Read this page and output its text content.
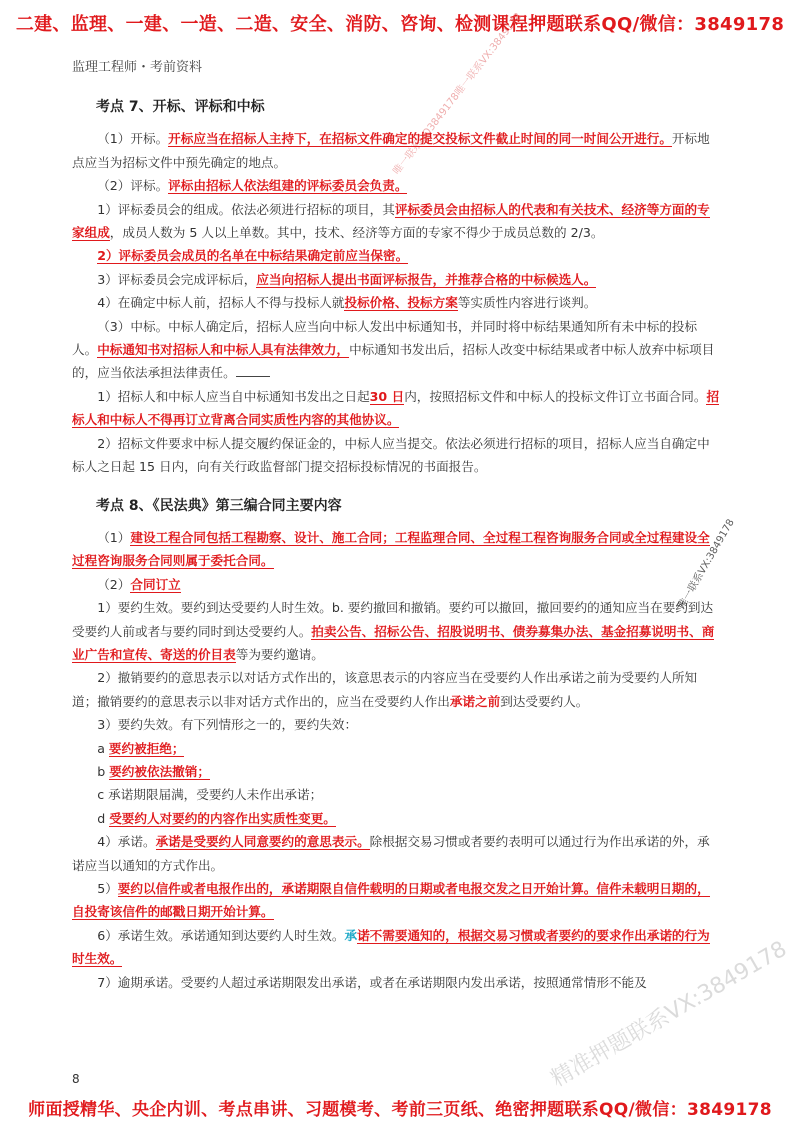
二建、监理、一建、一造、二造、安全、消防、咨询、检测课程押题联系QQ/微信：3849178
监理工程师・考前资料	唯一联系QQ3849178唯一联系VX:3849178
唯一联系VX:3849178

考点 7、开标、评标和中标

（1）开标。开标应当在招标人主持下，在招标文件确定的提交投标文件截止时间的同一时间公开进行。开标地点应当为招标文件中预先确定的地点。

（2）评标。评标由招标人依法组建的评标委员会负责。

1）评标委员会的组成。依法必须进行招标的项目，其评标委员会由招标人的代表和有关技术、经济等方面的专家组成，成员人数为 5 人以上单数。其中，技术、经济等方面的专家不得少于成员总数的 2/3。

2）评标委员会成员的名单在中标结果确定前应当保密。

3）评标委员会完成评标后，应当向招标人提出书面评标报告，并推荐合格的中标候选人。

4）在确定中标人前，招标人不得与投标人就投标价格、投标方案等实质性内容进行谈判。

（3）中标。中标人确定后，招标人应当向中标人发出中标通知书，并同时将中标结果通知所有未中标的投标人。中标通知书对招标人和中标人具有法律效力，中标通知书发出后，招标人改变中标结果或者中标人放弃中标项目的，应当依法承担法律责任。

1）招标人和中标人应当自中标通知书发出之日起30 日内，按照招标文件和中标人的投标文件订立书面合同。招标人和中标人不得再订立背离合同实质性内容的其他协议。

2）招标文件要求中标人提交履约保证金的，中标人应当提交。依法必须进行招标的项目，招标人应当自确定中标人之日起 15 日内，向有关行政监督部门提交招标投标情况的书面报告。

考点 8、《民法典》第三编合同主要内容

（1）建设工程合同包括工程勘察、设计、施工合同；工程监理合同、全过程工程咨询服务合同或全过程建设全过程咨询服务合同则属于委托合同。

（2）合同订立

1）要约生效。要约到达受要约人时生效。b. 要约撤回和撤销。要约可以撤回，撤回要约的通知应当在要约到达受要约人前或者与要约同时到达受要约人。拍卖公告、招标公告、招股说明书、债券募集办法、基金招募说明书、商业广告和宣传、寄送的价目表等为要约邀请。

2）撤销要约的意思表示以对话方式作出的，该意思表示的内容应当在受要约人作出承诺之前为受要约人所知道；撤销要约的意思表示以非对话方式作出的，应当在受要约人作出承诺之前到达受要约人。

3）要约失效。有下列情形之一的，要约失效：

a 要约被拒绝；

b 要约被依法撤销；

c 承诺期限届满，受要约人未作出承诺；

d 受要约人对要约的内容作出实质性变更。

4）承诺。承诺是受要约人同意要约的意思表示。除根据交易习惯或者要约表明可以通过行为作出承诺的外，承诺应当以通知的方式作出。

5）要约以信件或者电报作出的，承诺期限自信件载明的日期或者电报交发之日开始计算。信件未载明日期的，自投寄该信件的邮戳日期开始计算。

6）承诺生效。承诺通知到达要约人时生效。承诺不需要通知的，根据交易习惯或者要约的要求作出承诺的行为时生效。

7）逾期承诺。受要约人超过承诺期限发出承诺，或者在承诺期限内发出承诺，按照通常情形不能及

8	精准押题联系VX:3849178
师面授精华、央企内训、考点串讲、习题模考、考前三页纸、绝密押题联系QQ/微信：3849178
